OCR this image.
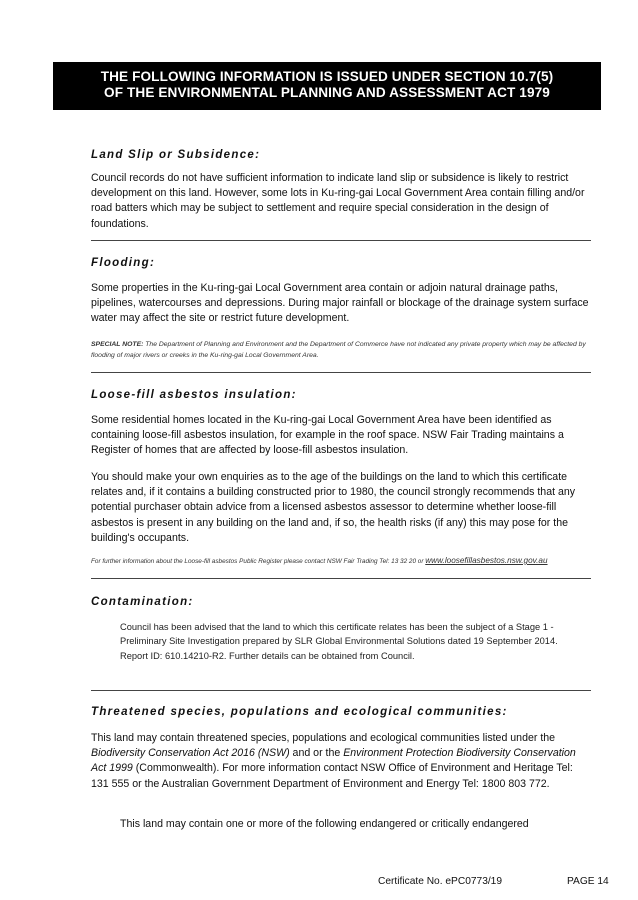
THE FOLLOWING INFORMATION IS ISSUED UNDER SECTION 10.7(5)
OF THE ENVIRONMENTAL PLANNING AND ASSESSMENT ACT 1979

Land Slip or Subsidence:

Council records do not have sufficient information to indicate land slip or subsidence is likely to restrict development on this land. However, some lots in Ku-ring-gai Local Government Area contain filling and/or road batters which may be subject to settlement and require special consideration in the design of foundations.

Flooding:

Some properties in the Ku-ring-gai Local Government area contain or adjoin natural drainage paths, pipelines, watercourses and depressions. During major rainfall or blockage of the drainage system surface water may affect the site or restrict future development.

SPECIAL NOTE: The Department of Planning and Environment and the Department of Commerce have not indicated any private property which may be affected by flooding of major rivers or creeks in the Ku-ring-gai Local Government Area.

Loose-fill asbestos insulation:

Some residential homes located in the Ku-ring-gai Local Government Area have been identified as containing loose-fill asbestos insulation, for example in the roof space. NSW Fair Trading maintains a Register of homes that are affected by loose-fill asbestos insulation.

You should make your own enquiries as to the age of the buildings on the land to which this certificate relates and, if it contains a building constructed prior to 1980, the council strongly recommends that any potential purchaser obtain advice from a licensed asbestos assessor to determine whether loose-fill asbestos is present in any building on the land and, if so, the health risks (if any) this may pose for the building's occupants.

For further information about the Loose-fill asbestos Public Register please contact NSW Fair Trading Tel: 13 32 20 or www.loosefillasbestos.nsw.gov.au

Contamination:

Council has been advised that the land to which this certificate relates has been the subject of a Stage 1 - Preliminary Site Investigation prepared by SLR Global Environmental Solutions dated 19 September 2014. Report ID: 610.14210-R2. Further details can be obtained from Council.

Threatened species, populations and ecological communities:

This land may contain threatened species, populations and ecological communities listed under the Biodiversity Conservation Act 2016 (NSW) and or the Environment Protection Biodiversity Conservation Act 1999 (Commonwealth). For more information contact NSW Office of Environment and Heritage Tel: 131 555 or the Australian Government Department of Environment and Energy Tel: 1800 803 772.

This land may contain one or more of the following endangered or critically endangered

Certificate No. ePC0773/19	PAGE 14
